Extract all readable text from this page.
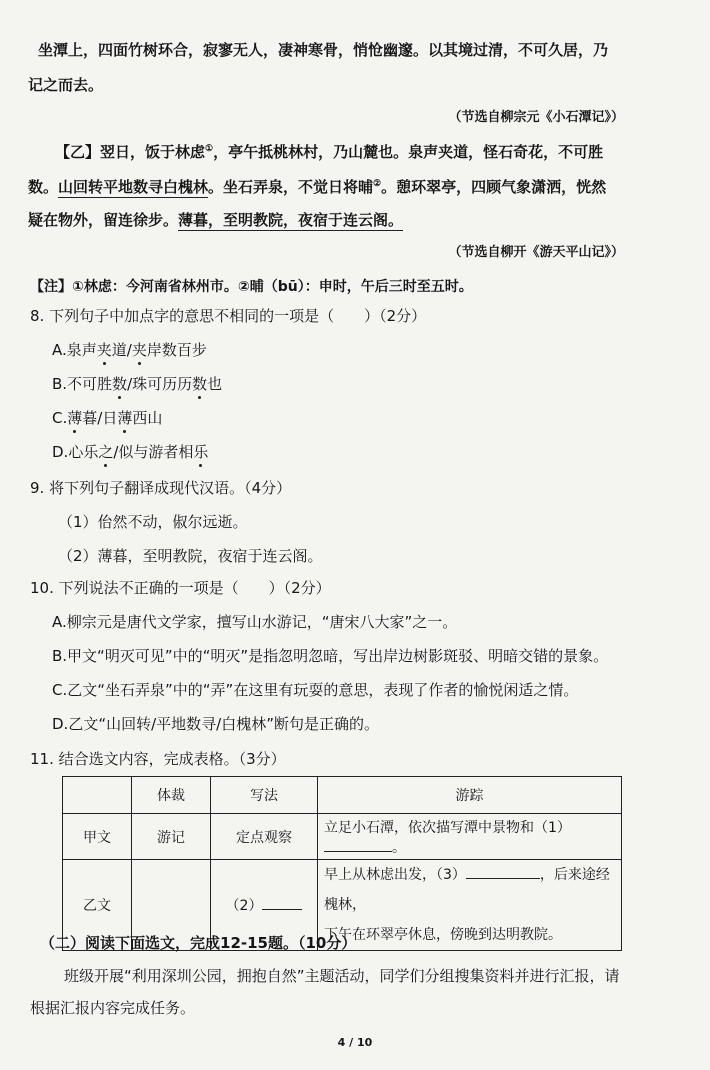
坐潭上，四面竹树环合，寂寥无人，凄神寒骨，悄怆幽邃。以其境过清，不可久居，乃
记之而去。
（节选自柳宗元《小石潭记》）
【乙】翌日，饭于林虑①，亭午抵桃林村，乃山麓也。泉声夹道，怪石奇花，不可胜
数。山回转平地数寻白槐林。坐石弄泉，不觉日将晡②。憩环翠亭，四顾气象潇洒，恍然
疑在物外，留连徐步。薄暮，至明教院，夜宿于连云阁。
（节选自柳开《游天平山记》）
【注】①林虑：今河南省林州市。②晡（bū）：申时，午后三时至五时。
8. 下列句子中加点字的意思不相同的一项是（　　）（2分）
A.泉声夹道/夹岸数百步
B.不可胜数/珠可历历数也
C.薄暮/日薄西山
D.心乐之/似与游者相乐
9. 将下列句子翻译成现代汉语。（4分）
（1）佁然不动，俶尔远逝。
（2）薄暮，至明教院，夜宿于连云阁。
10. 下列说法不正确的一项是（　　）（2分）
A.柳宗元是唐代文学家，擅写山水游记，“唐宋八大家”之一。
B.甲文“明灭可见”中的“明灭”是指忽明忽暗，写出岸边树影斑驳、明暗交错的景象。
C.乙文“坐石弄泉”中的“弄”在这里有玩耍的意思，表现了作者的愉悦闲适之情。
D.乙文“山回转/平地数寻/白槐林”断句是正确的。
11. 结合选文内容，完成表格。（3分）
	体裁	写法	游踪
甲文	游记	定点观察	立足小石潭，依次描写潭中景物和（1）。
乙文		（2）	早上从林虑出发，（3） ，后来途经槐林，
下午在环翠亭休息，傍晚到达明教院。
（二）阅读下面选文，完成12-15题。（10分）
班级开展“利用深圳公园，拥抱自然”主题活动，同学们分组搜集资料并进行汇报，请
根据汇报内容完成任务。
4 / 10
